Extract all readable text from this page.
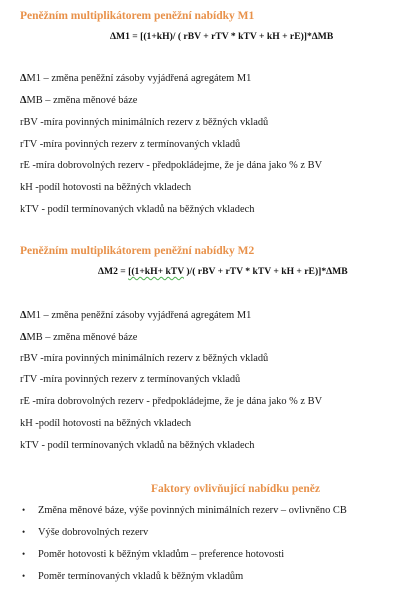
Peněžním multiplikátorem peněžní nabídky M1
ΔM1 = [(1+kH)/ ( rBV + rTV * kTV + kH + rE)]*ΔMB
ΔM1 – změna peněžní zásoby vyjádřená agregátem M1
ΔMB – změna měnové báze
rBV -míra povinných minimálních rezerv z běžných vkladů
rTV -míra povinných rezerv z termínovaných vkladů
rE -míra dobrovolných rezerv - předpokládejme, že je dána jako % z BV
kH -podíl hotovosti na běžných vkladech
kTV - podíl termínovaných vkladů na běžných vkladech
Peněžním multiplikátorem peněžní nabídky M2
ΔM2 = [(1+kH+ kTV )/( rBV + rTV * kTV + kH + rE)]*ΔMB
ΔM1 – změna peněžní zásoby vyjádřená agregátem M1
ΔMB – změna měnové báze
rBV -míra povinných minimálních rezerv z běžných vkladů
rTV -míra povinných rezerv z termínovaných vkladů
rE -míra dobrovolných rezerv - předpokládejme, že je dána jako % z BV
kH -podíl hotovosti na běžných vkladech
kTV - podíl termínovaných vkladů na běžných vkladech
Faktory ovlivňující nabídku peněz
•	Změna měnové báze, výše povinných minimálních rezerv – ovlivněno CB
•	Výše dobrovolných rezerv
•	Poměr hotovosti k běžným vkladům – preference hotovosti
•	Poměr termínovaných vkladů k běžným vkladům
